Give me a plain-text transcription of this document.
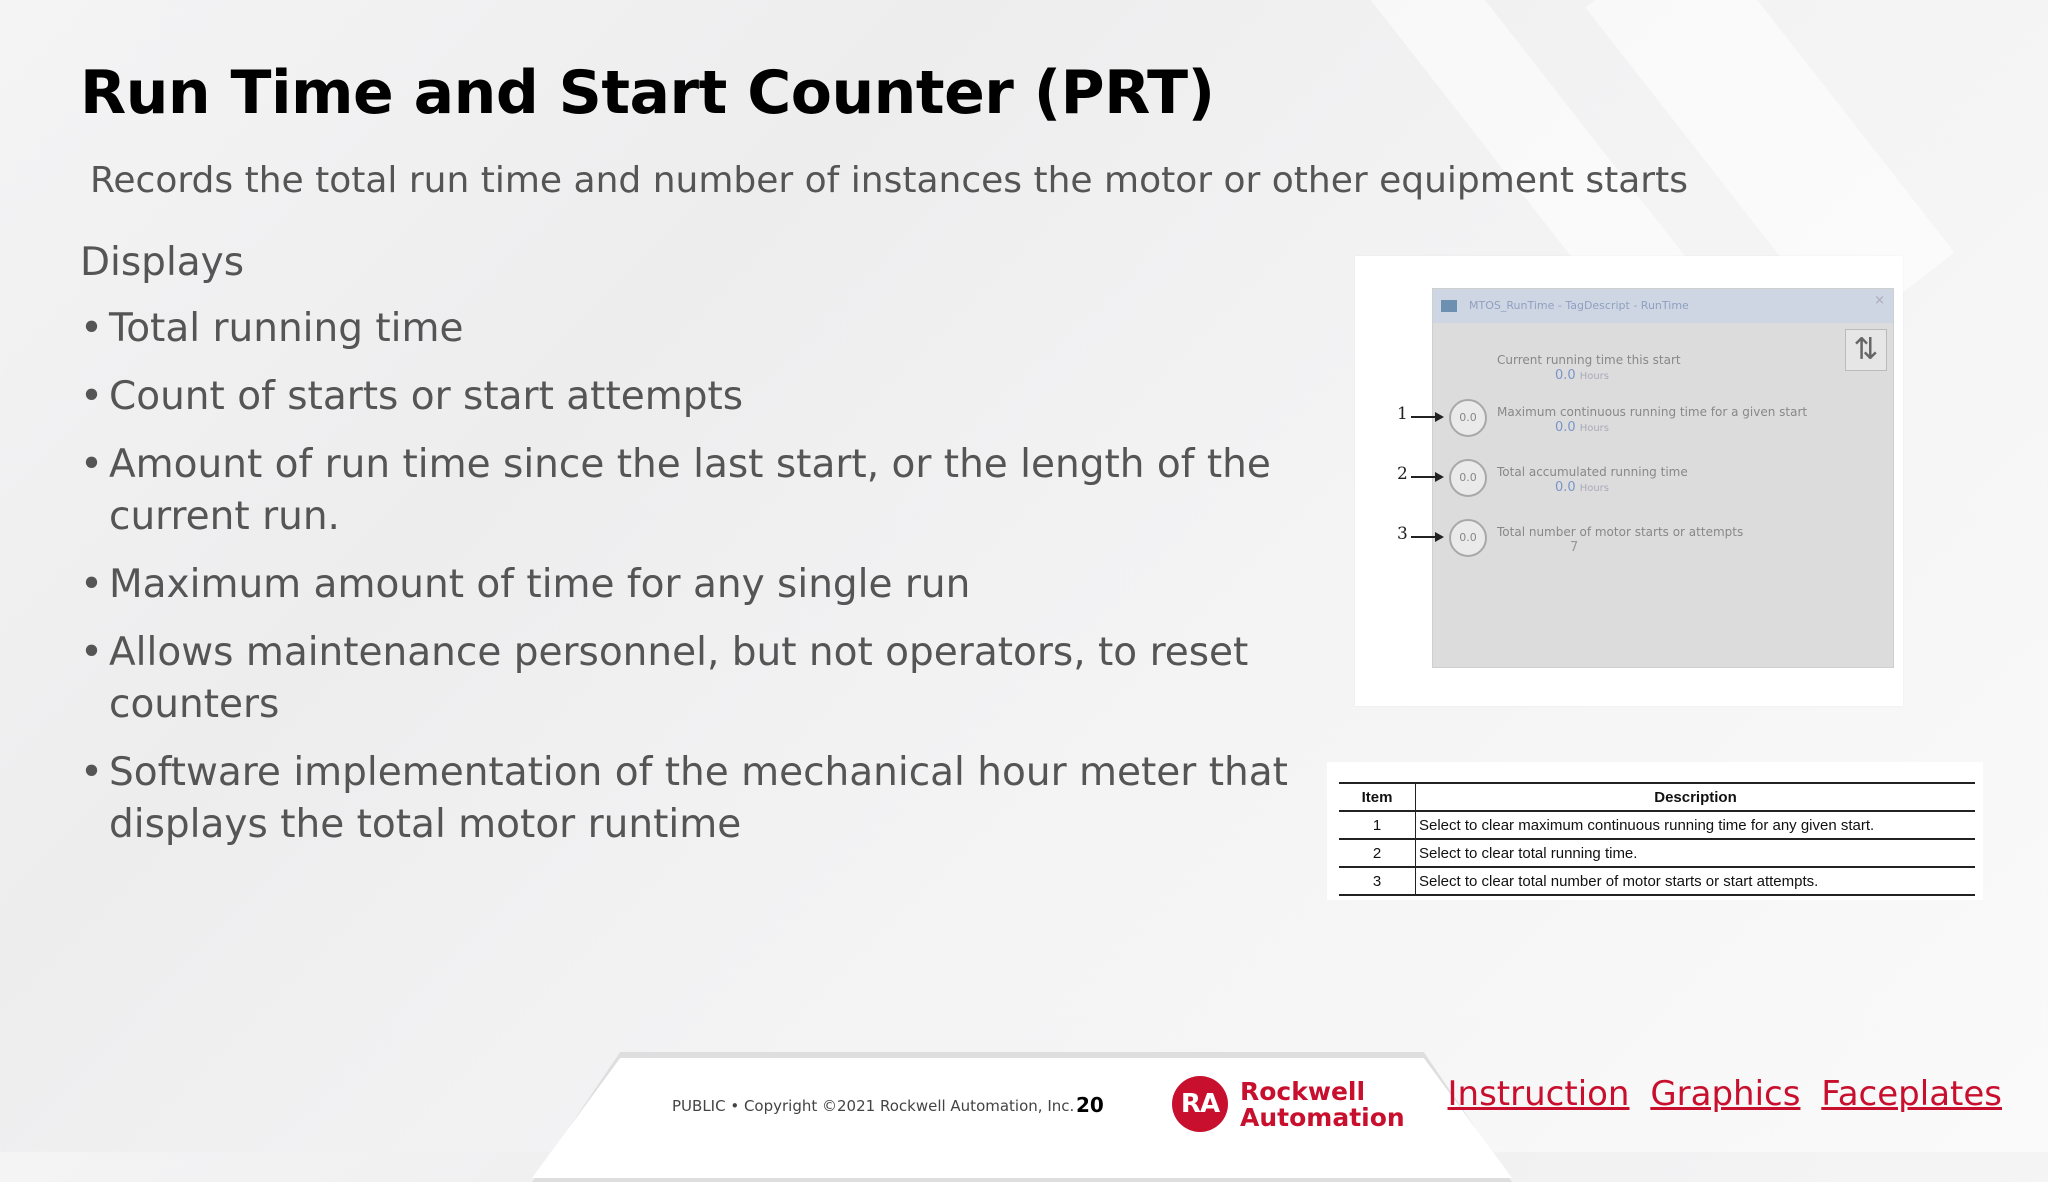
Run Time and Start Counter (PRT)
Records the total run time and number of instances the motor or other equipment starts
Displays
• Total running time
• Count of starts or start attempts
• Amount of run time since the last start, or the length of the current run.
• Maximum amount of time for any single run
• Allows maintenance personnel, but not operators, to reset counters
• Software implementation of the mechanical hour meter that displays the total motor runtime
MTOS_RunTime - TagDescript - RunTime	×
⇅
Current running time this start
0.0 Hours
0.0	Maximum continuous running time for a given start
0.0 Hours
0.0	Total accumulated running time
0.0 Hours
0.0	Total number of motor starts or attempts
7
1
2
3
Item	Description
1	Select to clear maximum continuous running time for any given start.
2	Select to clear total running time.
3	Select to clear total number of motor starts or start attempts.
PUBLIC • Copyright ©2021 Rockwell Automation, Inc. 20	RA Rockwell
Automation
Instruction Graphics Faceplates
